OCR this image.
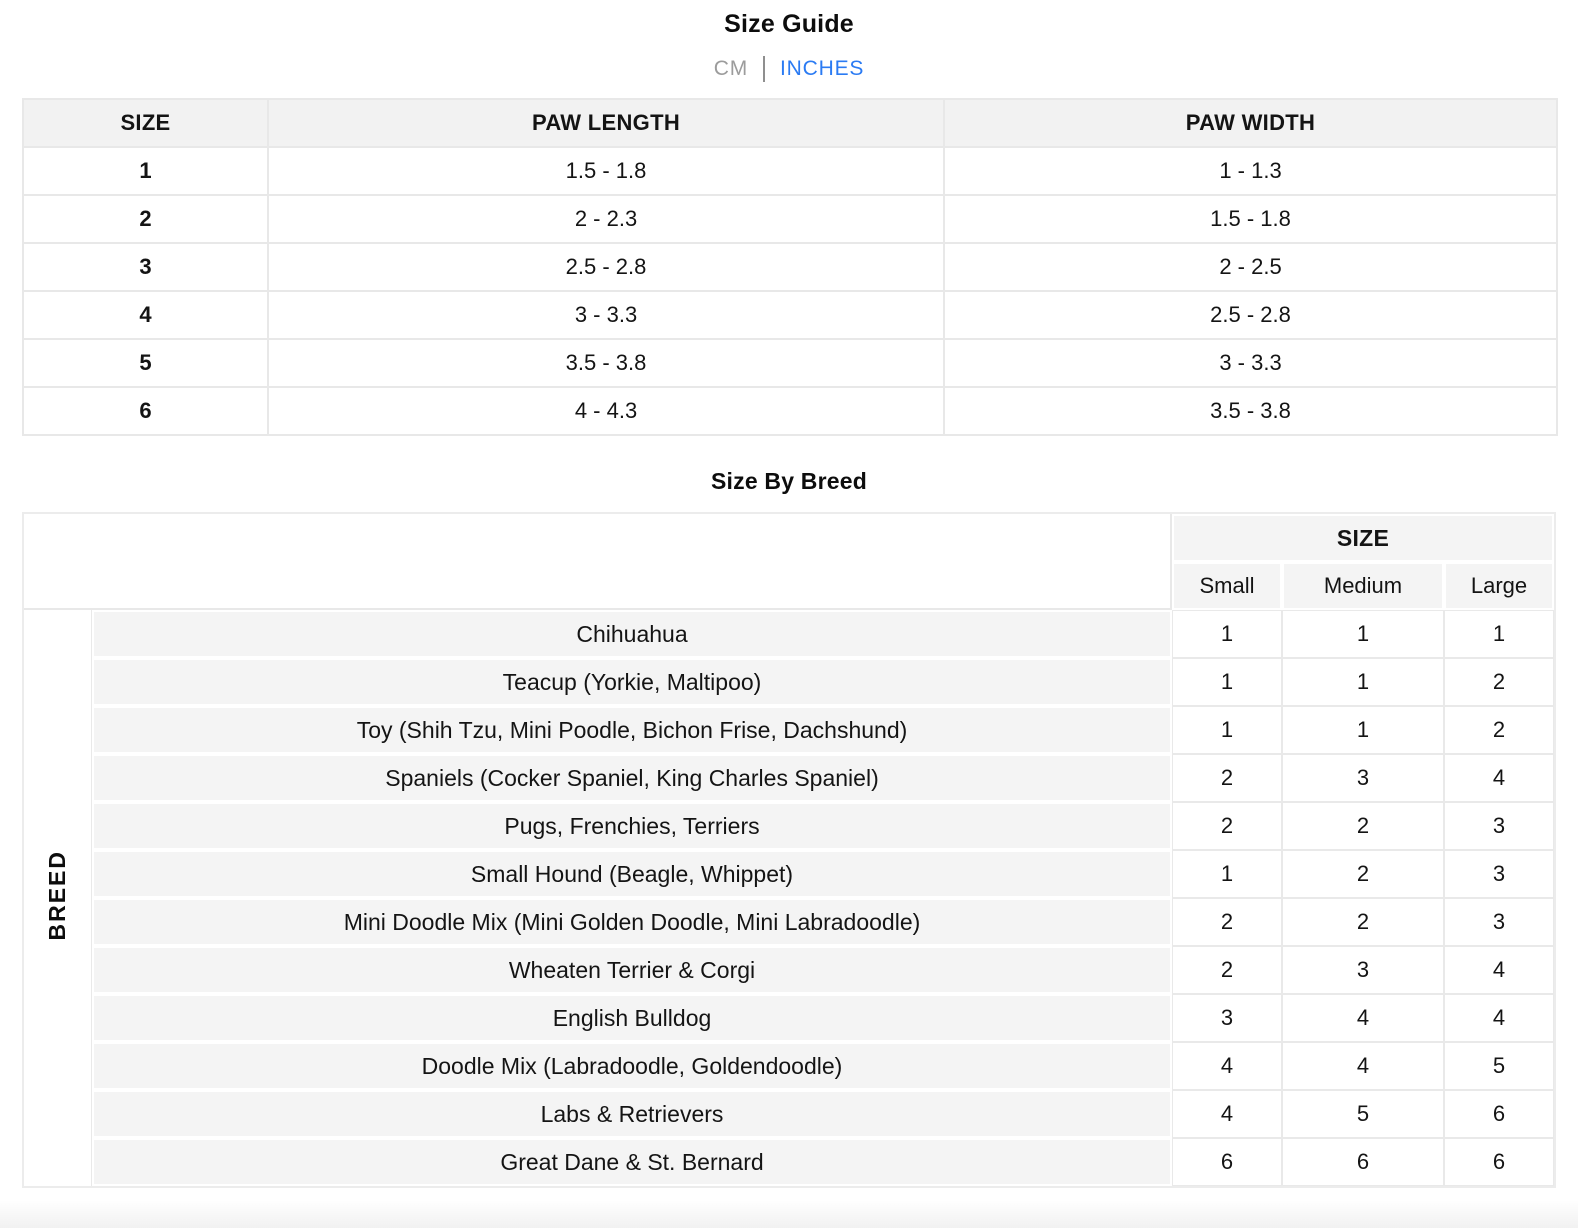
Size Guide
CM INCHES
SIZE	PAW LENGTH	PAW WIDTH
1	1.5 - 1.8	1 - 1.3
2	2 - 2.3	1.5 - 1.8
3	2.5 - 2.8	2 - 2.5
4	3 - 3.3	2.5 - 2.8
5	3.5 - 3.8	3 - 3.3
6	4 - 4.3	3.5 - 3.8
Size By Breed
		SIZE		
		Small	Medium	Large
BREED	Chihuahua	1	1	1
	Teacup (Yorkie, Maltipoo)	1	1	2
	Toy (Shih Tzu, Mini Poodle, Bichon Frise, Dachshund)	1	1	2
	Spaniels (Cocker Spaniel, King Charles Spaniel)	2	3	4
	Pugs, Frenchies, Terriers	2	2	3
	Small Hound (Beagle, Whippet)	1	2	3
	Mini Doodle Mix (Mini Golden Doodle, Mini Labradoodle)	2	2	3
	Wheaten Terrier & Corgi	2	3	4
	English Bulldog	3	4	4
	Doodle Mix (Labradoodle, Goldendoodle)	4	4	5
	Labs & Retrievers	4	5	6
	Great Dane & St. Bernard	6	6	6
